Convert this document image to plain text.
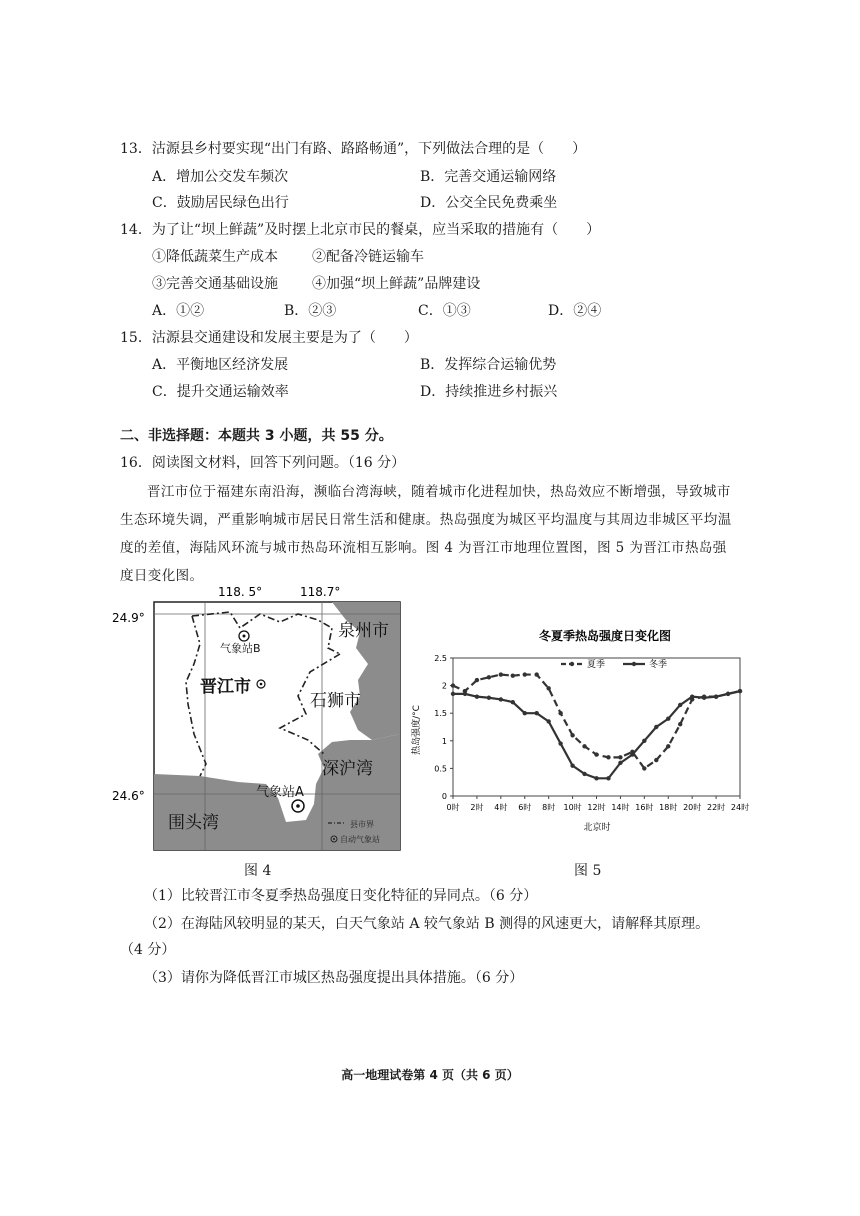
13．沽源县乡村要实现“出门有路、路路畅通”，下列做法合理的是（　　）
A．增加公交发车频次	B．完善交通运输网络
C．鼓励居民绿色出行	D．公交全民免费乘坐
14．为了让“坝上鲜蔬”及时摆上北京市民的餐桌，应当采取的措施有（　　）
①降低蔬菜生产成本 ②配备冷链运输车
③完善交通基础设施 ④加强“坝上鲜蔬”品牌建设
A．①②	B．②③	C．①③	D．②④
15．沽源县交通建设和发展主要是为了（　　）
A．平衡地区经济发展	B．发挥综合运输优势
C．提升交通运输效率	D．持续推进乡村振兴
二、非选择题：本题共 3 小题，共 55 分。
16．阅读图文材料，回答下列问题。（16 分）
晋江市位于福建东南沿海，濒临台湾海峡，随着城市化进程加快，热岛效应不断增强，导致城市生态环境失调，严重影响城市居民日常生活和健康。热岛强度为城区平均温度与其周边非城区平均温度的差值，海陆风环流与城市热岛环流相互影响。图 4 为晋江市地理位置图，图 5 为晋江市热岛强度日变化图。
118. 5°	118.7°
24.9°
24.6°
泉州市
晋江市
石狮市
深沪湾
围头湾
气象站B
气象站A
县市界
自动气象站
图 4
冬夏季热岛强度日变化图
热岛强度/°C
北京时
夏季	冬季
0
0.5
1
1.5
2
2.5
0时 2时 4时 6时 8时 10时 12时 14时 16时 18时 20时 22时 24时
图 5
（1）比较晋江市冬夏季热岛强度日变化特征的异同点。（6 分）
（2）在海陆风较明显的某天，白天气象站 A 较气象站 B 测得的风速更大，请解释其原理。
（4 分）
（3）请你为降低晋江市城区热岛强度提出具体措施。（6 分）
高一地理试卷第 4 页（共 6 页）
